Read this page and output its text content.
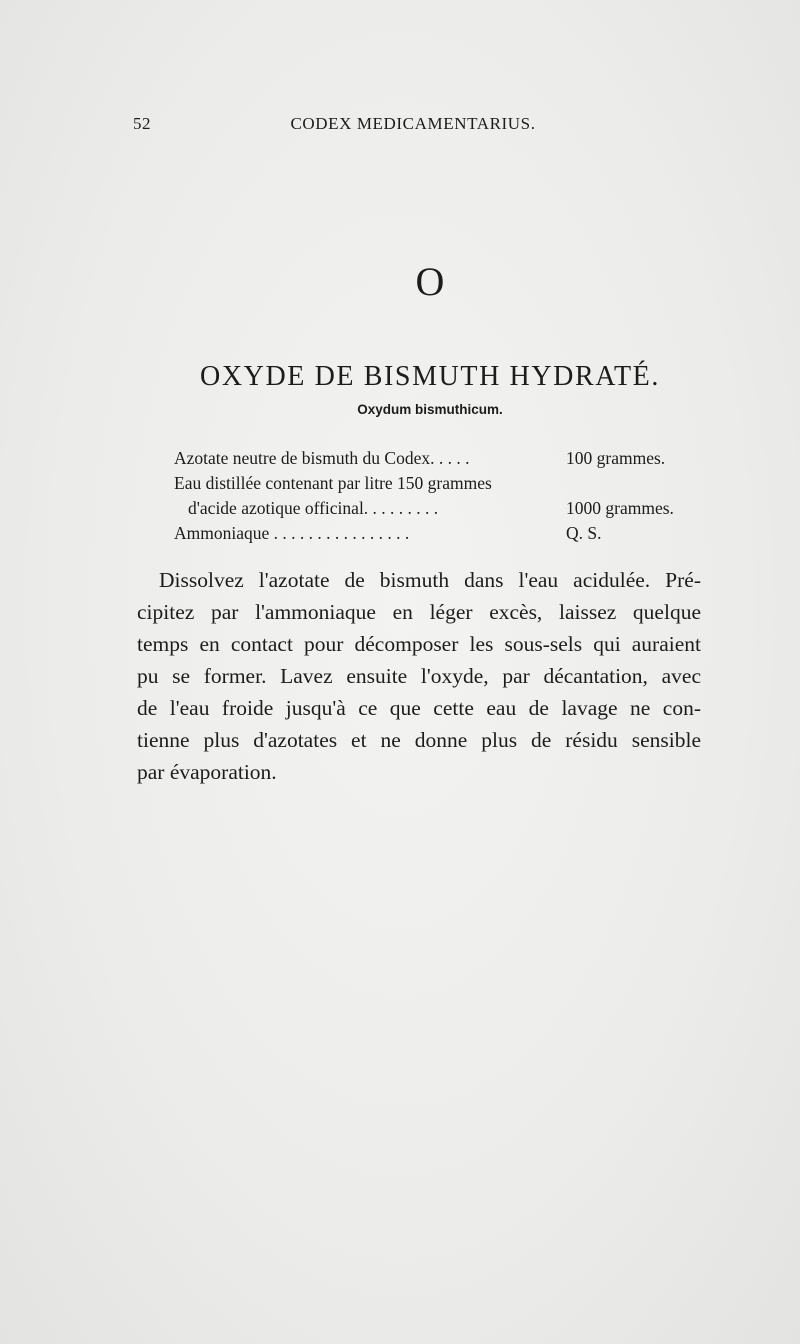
52	CODEX MEDICAMENTARIUS.
O
OXYDE DE BISMUTH HYDRATÉ.
Oxydum bismuthicum.
Azotate neutre de bismuth du Codex. . . . .	100 grammes.
Eau distillée contenant par litre 150 grammes
d'acide azotique officinal. . . . . . . . .	1000 grammes.
Ammoniaque . . . . . . . . . . . . . . . .	Q. S.
Dissolvez l'azotate de bismuth dans l'eau acidulée. Pré-
cipitez par l'ammoniaque en léger excès, laissez quelque
temps en contact pour décomposer les sous-sels qui auraient
pu se former. Lavez ensuite l'oxyde, par décantation, avec
de l'eau froide jusqu'à ce que cette eau de lavage ne con-
tienne plus d'azotates et ne donne plus de résidu sensible
par évaporation.
